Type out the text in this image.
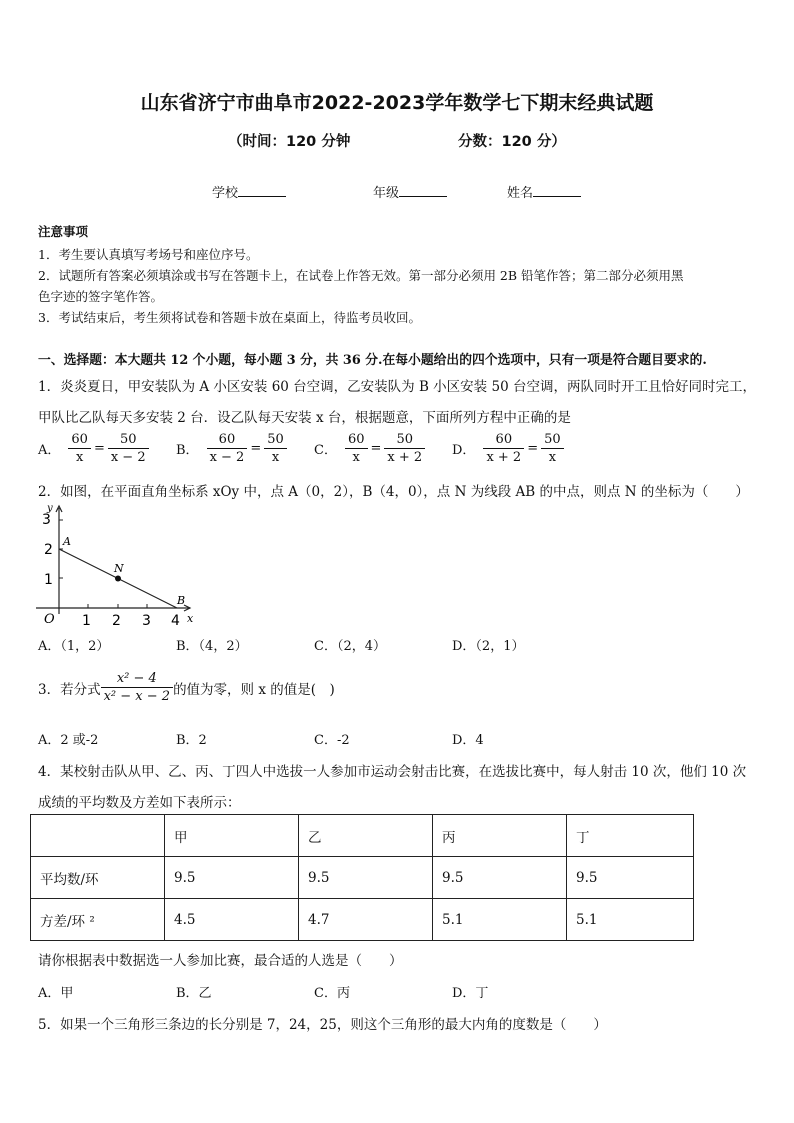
山东省济宁市曲阜市2022-2023学年数学七下期末经典试题
（时间：120 分钟	分数：120 分）
学校	年级	姓名
注意事项
1．考生要认真填写考场号和座位序号。
2．试题所有答案必须填涂或书写在答题卡上，在试卷上作答无效。第一部分必须用 2B 铅笔作答；第二部分必须用黑
色字迹的签字笔作答。
3．考试结束后，考生须将试卷和答题卡放在桌面上，待监考员收回。
一、选择题：本大题共 12 个小题，每小题 3 分，共 36 分.在每小题给出的四个选项中，只有一项是符合题目要求的.
1．炎炎夏日，甲安装队为 A 小区安装 60 台空调，乙安装队为 B 小区安装 50 台空调，两队同时开工且恰好同时完工，
甲队比乙队每天多安装 2 台．设乙队每天安装 x 台，根据题意，下面所列方程中正确的是
A． $\frac{60}{x} = \frac{50}{x - 2}$ B． $\frac{60}{x - 2} = \frac{50}{x}$ C． $\frac{60}{x} = \frac{50}{x + 2}$ D． $\frac{60}{x + 2} = \frac{50}{x}$
2．如图，在平面直角坐标系 xOy 中，点 A（0，2），B（4，0），点 N 为线段 AB 的中点，则点 N 的坐标为（　　）
y
x
3
2
1
1 2 3 4
O
A
N
B
A．（1，2）	B．（4，2）	C．（2，4）	D．（2，1）
3．若分式 $\frac{\text{x² − 4}}{\text{x² − x − 2}}$ 的值为零，则 x 的值是(　)
A．2 或-2	B．2	C．-2	D．4
4．某校射击队从甲、乙、丙、丁四人中选拔一人参加市运动会射击比赛，在选拔比赛中，每人射击 10 次，他们 10 次
成绩的平均数及方差如下表所示：
	甲	乙	丙	丁
平均数/环	9.5	9.5	9.5	9.5
方差/环 ²	4.5	4.7	5.1	5.1
请你根据表中数据选一人参加比赛，最合适的人选是（　　）
A．甲	B．乙	C．丙	D．丁
5．如果一个三角形三条边的长分别是 7，24，25，则这个三角形的最大内角的度数是（　　）
